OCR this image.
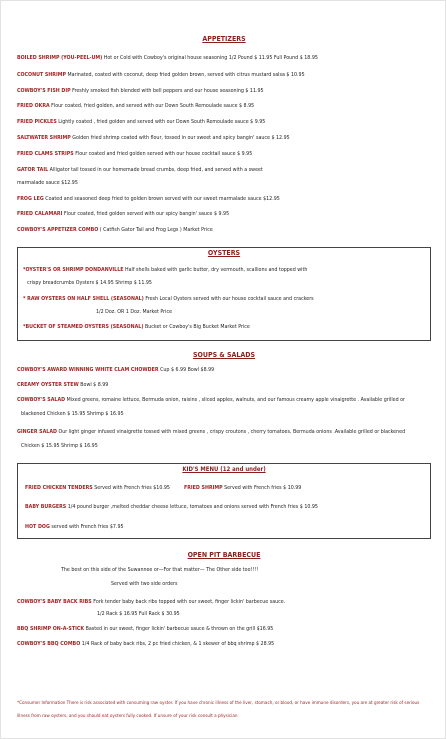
APPETIZERS
BOILED SHRIMP (YOU-PEEL-UM) Hot or Cold with Cowboy's original house seasoning 1/2 Pound $ 11.95 Full Pound $ 18.95
COCONUT SHRIMP Marinated, coated with coconut, deep fried golden brown, served with citrus mustard salsa $ 10.95
COWBOY'S FISH DIP Freshly smoked fish blended with bell peppers and our house seasoning $ 11.95
FRIED OKRA Flour coated, fried golden, and served with our Down South Remoulade sauce $ 8.95
FRIED PICKLES Lightly coated , fried golden and served with our Down South Remoulade sauce $ 9.95
SALTWATER SHRIMP Golden fried shrimp coated with flour, tossed in our sweet and spicy bangin' sauce $ 12.95
FRIED CLAMS STRIPS Flour coated and fried golden served with our house cocktail sauce $ 9.95
GATOR TAIL Alligator tail tossed in our homemade bread crumbs, deep fried, and served with a sweet
marmalade sauce $12.95
FROG LEG Coated and seasoned deep fried to golden brown served with our sweet marmalade sauce $12.95
FRIED CALAMARI Flour coated, fried golden served with our spicy bangin' sauce $ 9.95
COWBOY'S APPETIZER COMBO ( Catfish Gator Tail and Frog Legs ) Market Price
OYSTERS
*OYSTER'S OR SHRIMP DONDANVILLE Half shells baked with garlic butter, dry vermouth, scallions and topped with
crispy breadcrumbs Oysters $ 14.95 Shrimp $ 11.95
* RAW OYSTERS ON HALF SHELL (SEASONAL) Fresh Local Oysters served with our house cocktail sauce and crackers
1/2 Doz. OR 1 Doz. Market Price
*BUCKET OF STEAMED OYSTERS (SEASONAL) Bucket or Cowboy's Big Bucket Market Price
SOUPS & SALADS
COWBOY'S AWARD WINNING WHITE CLAM CHOWDER Cup $ 6.99 Bowl $8.99
CREAMY OYSTER STEW Bowl $ 8.99
COWBOY'S SALAD Mixed greens, romaine lettuce, Bermuda onion, raisins , sliced apples, walnuts, and our famous creamy apple vinaigrette . Available grilled or
blackened Chicken $ 15.95 Shrimp $ 16.95
GINGER SALAD Our light ginger infused vinaigrette tossed with mixed greens , crispy croutons , cherry tomatoes, Bermuda onions .Available grilled or blackened
Chicken $ 15.95 Shrimp $ 16.95
KID'S MENU (12 and under)
FRIED CHICKEN TENDERS Served with French fries $10.95	FRIED SHRIMP Served with French fries $ 10.99
BABY BURGERS 1/4 pound burger ,melted cheddar cheese lettuce, tomatoes and onions served with French fries $ 10.95
HOT DOG served with French fries $7.95
OPEN PIT BARBECUE
The best on this side of the Suwannee or—For that matter— The Other side too!!!!
Served with two side orders
COWBOY'S BABY BACK RIBS Fork tender baby back ribs topped with our sweet, finger lickin' barbecue sauce.
1/2 Rack $ 16.95 Full Rack $ 30.95
BBQ SHRIMP ON-A-STICK Basted in our sweet, finger lickin' barbecue sauce & thrown on the grill $16.95
COWBOY'S BBQ COMBO 1/4 Rack of baby back ribs, 2 pc fried chicken, & 1 skewer of bbq shrimp $ 28.95
*Consumer Information There is risk associated with consuming raw oyster. If you have chronic illness of the liver, stomach, or blood, or have immune disorders, you are at greater risk of serious
illness from raw oysters, and you should eat oysters fully cooked. If unsure of your risk consult a physician
